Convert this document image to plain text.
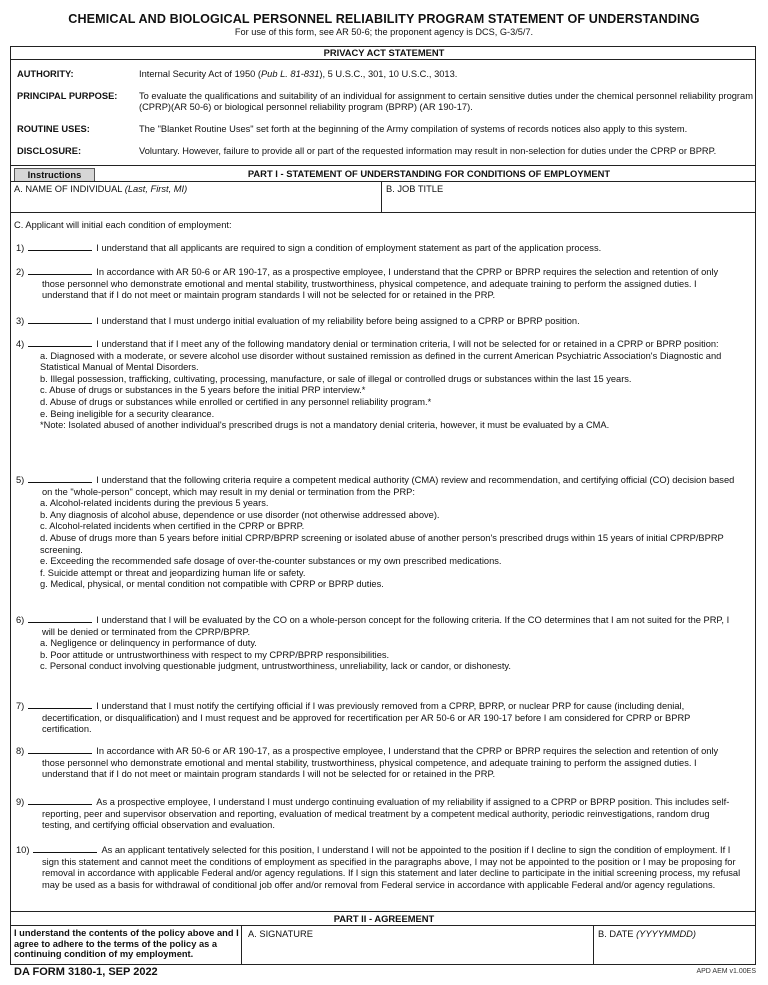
CHEMICAL AND BIOLOGICAL PERSONNEL RELIABILITY PROGRAM STATEMENT OF UNDERSTANDING
For use of this form, see AR 50-6; the proponent agency is DCS, G-3/5/7.
PRIVACY ACT STATEMENT
AUTHORITY:	Internal Security Act of 1950 (Pub L. 81-831), 5 U.S.C., 301, 10 U.S.C., 3013.
PRINCIPAL PURPOSE:	To evaluate the qualifications and suitability of an individual for assignment to certain sensitive duties under the chemical personnel reliability program (CPRP)(AR 50-6) or biological personnel reliability program (BPRP) (AR 190-17).
ROUTINE USES:	The "Blanket Routine Uses" set forth at the beginning of the Army compilation of systems of records notices also apply to this system.
DISCLOSURE:	Voluntary. However, failure to provide all or part of the requested information may result in non-selection for duties under the CPRP or BPRP.
Instructions	PART I - STATEMENT OF UNDERSTANDING FOR CONDITIONS OF EMPLOYMENT
A. NAME OF INDIVIDUAL (Last, First, MI)	B. JOB TITLE
C. Applicant will initial each condition of employment:
1)	I understand that all applicants are required to sign a condition of employment statement as part of the application process.
2)	In accordance with AR 50-6 or AR 190-17, as a prospective employee, I understand that the CPRP or BPRP requires the selection and retention of only those personnel who demonstrate emotional and mental stability, trustworthiness, physical competence, and adequate training to perform the assigned duties. I understand that if I do not meet or maintain program standards I will not be selected for or retained in the PRP.
3)	I understand that I must undergo initial evaluation of my reliability before being assigned to a CPRP or BPRP position.
4)	I understand that if I meet any of the following mandatory denial or termination criteria, I will not be selected for or retained in a CPRP or BPRP position:
a. Diagnosed with a moderate, or severe alcohol use disorder without sustained remission as defined in the current American Psychiatric Association's Diagnostic and Statistical Manual of Mental Disorders.
b. Illegal possession, trafficking, cultivating, processing, manufacture, or sale of illegal or controlled drugs or substances within the last 15 years.
c. Abuse of drugs or substances in the 5 years before the initial PRP interview.*
d. Abuse of drugs or substances while enrolled or certified in any personnel reliability program.*
e. Being ineligible for a security clearance.
*Note: Isolated abused of another individual's prescribed drugs is not a mandatory denial criteria, however, it must be evaluated by a CMA.
5)	I understand that the following criteria require a competent medical authority (CMA) review and recommendation, and certifying official (CO) decision based on the "whole-person" concept, which may result in my denial or termination from the PRP:
a. Alcohol-related incidents during the previous 5 years.
b. Any diagnosis of alcohol abuse, dependence or use disorder (not otherwise addressed above).
c. Alcohol-related incidents when certified in the CPRP or BPRP.
d. Abuse of drugs more than 5 years before initial CPRP/BPRP screening or isolated abuse of another person's prescribed drugs within 15 years of initial CPRP/BPRP screening.
e. Exceeding the recommended safe dosage of over-the-counter substances or my own prescribed medications.
f. Suicide attempt or threat and jeopardizing human life or safety.
g. Medical, physical, or mental condition not compatible with CPRP or BPRP duties.
6)	I understand that I will be evaluated by the CO on a whole-person concept for the following criteria. If the CO determines that I am not suited for the PRP, I will be denied or terminated from the CPRP/BPRP.
a. Negligence or delinquency in performance of duty.
b. Poor attitude or untrustworthiness with respect to my CPRP/BPRP responsibilities.
c. Personal conduct involving questionable judgment, untrustworthiness, unreliability, lack or candor, or dishonesty.
7)	I understand that I must notify the certifying official if I was previously removed from a CPRP, BPRP, or nuclear PRP for cause (including denial, decertification, or disqualification) and I must request and be approved for recertification per AR 50-6 or AR 190-17 before I am considered for CPRP or BPRP certification.
8)	In accordance with AR 50-6 or AR 190-17, as a prospective employee, I understand that the CPRP or BPRP requires the selection and retention of only those personnel who demonstrate emotional and mental stability, trustworthiness, physical competence, and adequate training to perform the assigned duties. I understand that if I do not meet or maintain program standards I will not be selected for or retained in the PRP.
9)	As a prospective employee, I understand I must undergo continuing evaluation of my reliability if assigned to a CPRP or BPRP position. This includes self-reporting, peer and supervisor observation and reporting, evaluation of medical treatment by a competent medical authority, periodic reinvestigations, random drug testing, and certifying official observation and evaluation.
10)	As an applicant tentatively selected for this position, I understand I will not be appointed to the position if I decline to sign the condition of employment. If I sign this statement and cannot meet the conditions of employment as specified in the paragraphs above, I may not be appointed to the position or I may be proposing for removal in accordance with applicable Federal and/or agency regulations. If I sign this statement and later decline to participate in the initial screening process, my refusal may be used as a basis for withdrawal of conditional job offer and/or removal from Federal service in accordance with applicable Federal and/or agency regulations.
PART II - AGREEMENT
I understand the contents of the policy above and I agree to adhere to the terms of the policy as a continuing condition of my employment.
A. SIGNATURE	B. DATE (YYYYMMDD)
DA FORM 3180-1, SEP 2022	APD AEM v1.00ES
